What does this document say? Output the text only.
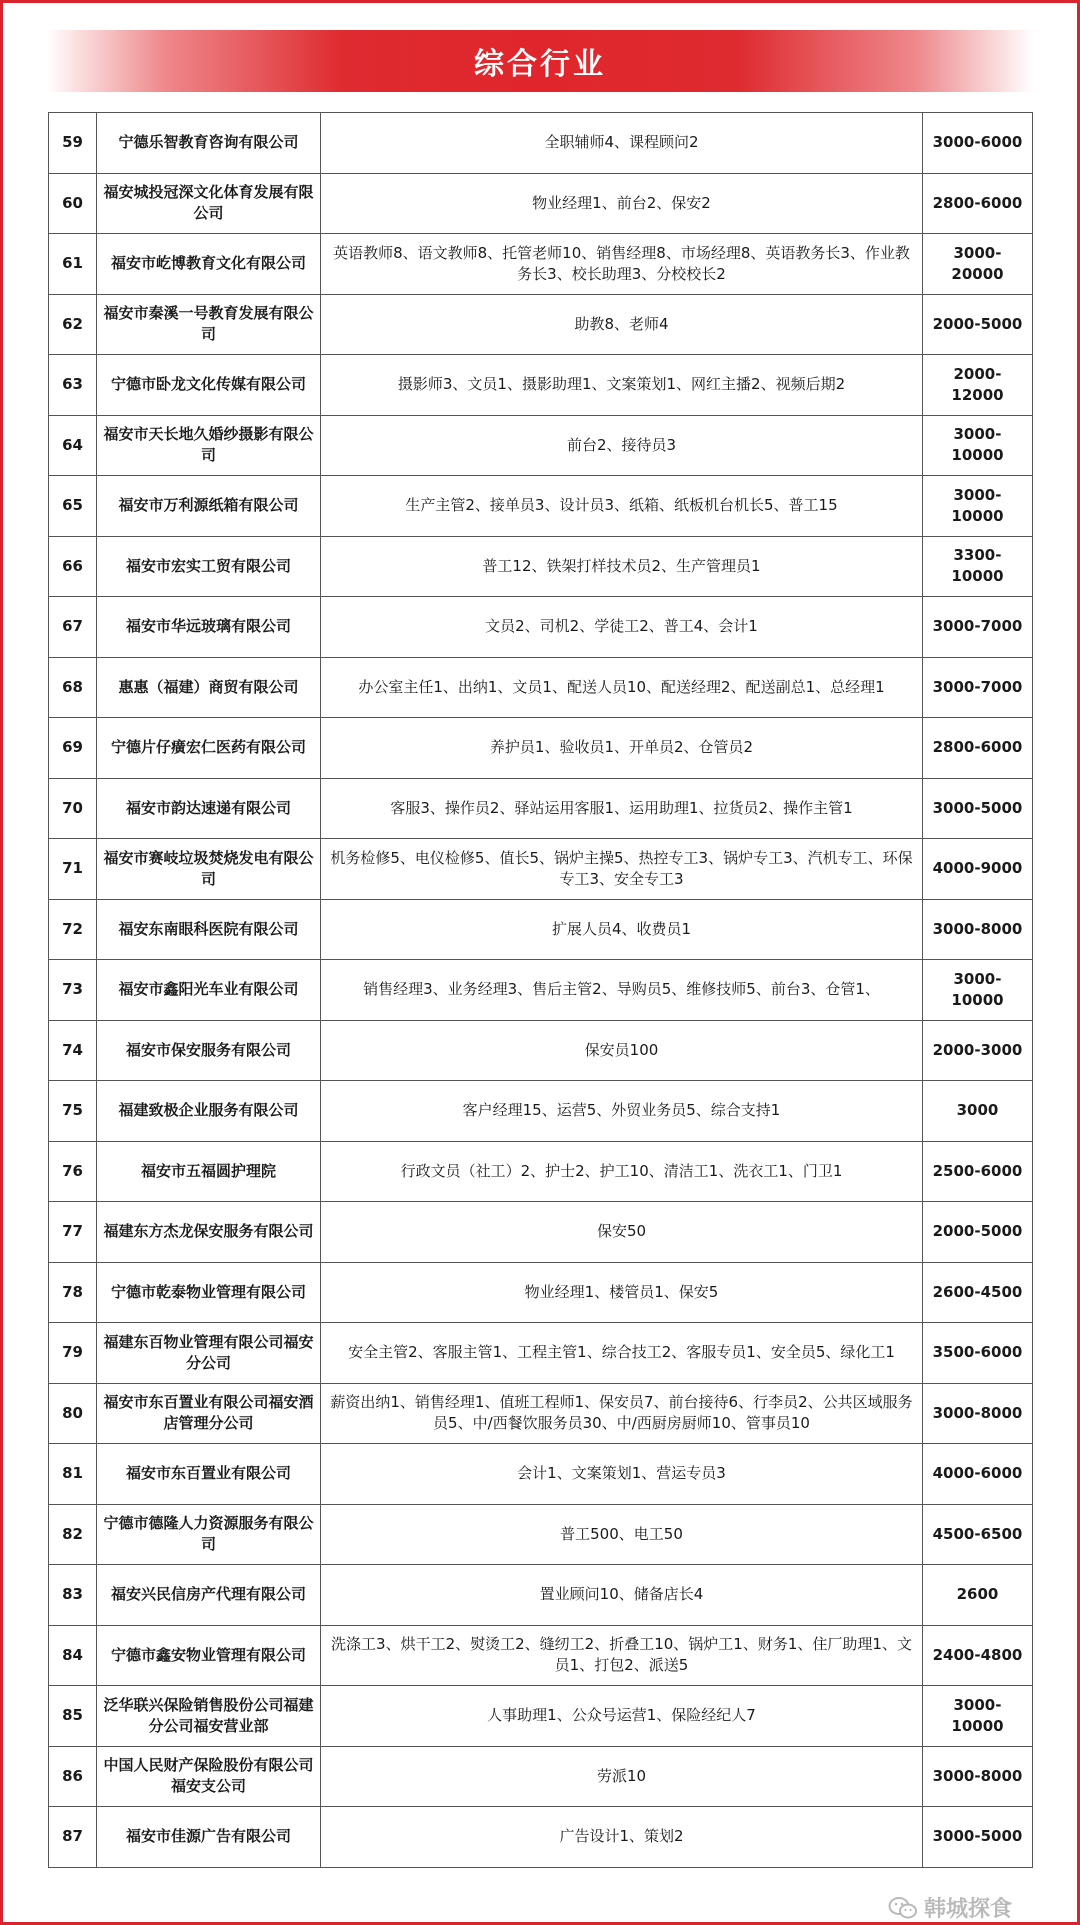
综合行业
59	宁德乐智教育咨询有限公司	全职辅师4、课程顾问2	3000-6000
60	福安城投冠深文化体育发展有限公司	物业经理1、前台2、保安2	2800-6000
61	福安市屹博教育文化有限公司	英语教师8、语文教师8、托管老师10、销售经理8、市场经理8、英语教务长3、作业教务长3、校长助理3、分校校长2	3000-20000
62	福安市秦溪一号教育发展有限公司	助教8、老师4	2000-5000
63	宁德市卧龙文化传媒有限公司	摄影师3、文员1、摄影助理1、文案策划1、网红主播2、视频后期2	2000-12000
64	福安市天长地久婚纱摄影有限公司	前台2、接待员3	3000-10000
65	福安市万利源纸箱有限公司	生产主管2、接单员3、设计员3、纸箱、纸板机台机长5、普工15	3000-10000
66	福安市宏实工贸有限公司	普工12、铁架打样技术员2、生产管理员1	3300-10000
67	福安市华远玻璃有限公司	文员2、司机2、学徒工2、普工4、会计1	3000-7000
68	惠惠（福建）商贸有限公司	办公室主任1、出纳1、文员1、配送人员10、配送经理2、配送副总1、总经理1	3000-7000
69	宁德片仔癀宏仁医药有限公司	养护员1、验收员1、开单员2、仓管员2	2800-6000
70	福安市韵达速递有限公司	客服3、操作员2、驿站运用客服1、运用助理1、拉货员2、操作主管1	3000-5000
71	福安市赛岐垃圾焚烧发电有限公司	机务检修5、电仪检修5、值长5、锅炉主操5、热控专工3、锅炉专工3、汽机专工、环保专工3、安全专工3	4000-9000
72	福安东南眼科医院有限公司	扩展人员4、收费员1	3000-8000
73	福安市鑫阳光车业有限公司	销售经理3、业务经理3、售后主管2、导购员5、维修技师5、前台3、仓管1、	3000-10000
74	福安市保安服务有限公司	保安员100	2000-3000
75	福建致极企业服务有限公司	客户经理15、运营5、外贸业务员5、综合支持1	3000
76	福安市五福圆护理院	行政文员（社工）2、护士2、护工10、清洁工1、洗衣工1、门卫1	2500-6000
77	福建东方杰龙保安服务有限公司	保安50	2000-5000
78	宁德市乾泰物业管理有限公司	物业经理1、楼管员1、保安5	2600-4500
79	福建东百物业管理有限公司福安分公司	安全主管2、客服主管1、工程主管1、综合技工2、客服专员1、安全员5、绿化工1	3500-6000
80	福安市东百置业有限公司福安酒店管理分公司	薪资出纳1、销售经理1、值班工程师1、保安员7、前台接待6、行李员2、公共区域服务员5、中/西餐饮服务员30、中/西厨房厨师10、管事员10	3000-8000
81	福安市东百置业有限公司	会计1、文案策划1、营运专员3	4000-6000
82	宁德市德隆人力资源服务有限公司	普工500、电工50	4500-6500
83	福安兴民信房产代理有限公司	置业顾问10、储备店长4	2600
84	宁德市鑫安物业管理有限公司	洗涤工3、烘干工2、熨烫工2、缝纫工2、折叠工10、锅炉工1、财务1、住厂助理1、文员1、打包2、派送5	2400-4800
85	泛华联兴保险销售股份公司福建分公司福安营业部	人事助理1、公众号运营1、保险经纪人7	3000-10000
86	中国人民财产保险股份有限公司福安支公司	劳派10	3000-8000
87	福安市佳源广告有限公司	广告设计1、策划2	3000-5000
韩城探食
